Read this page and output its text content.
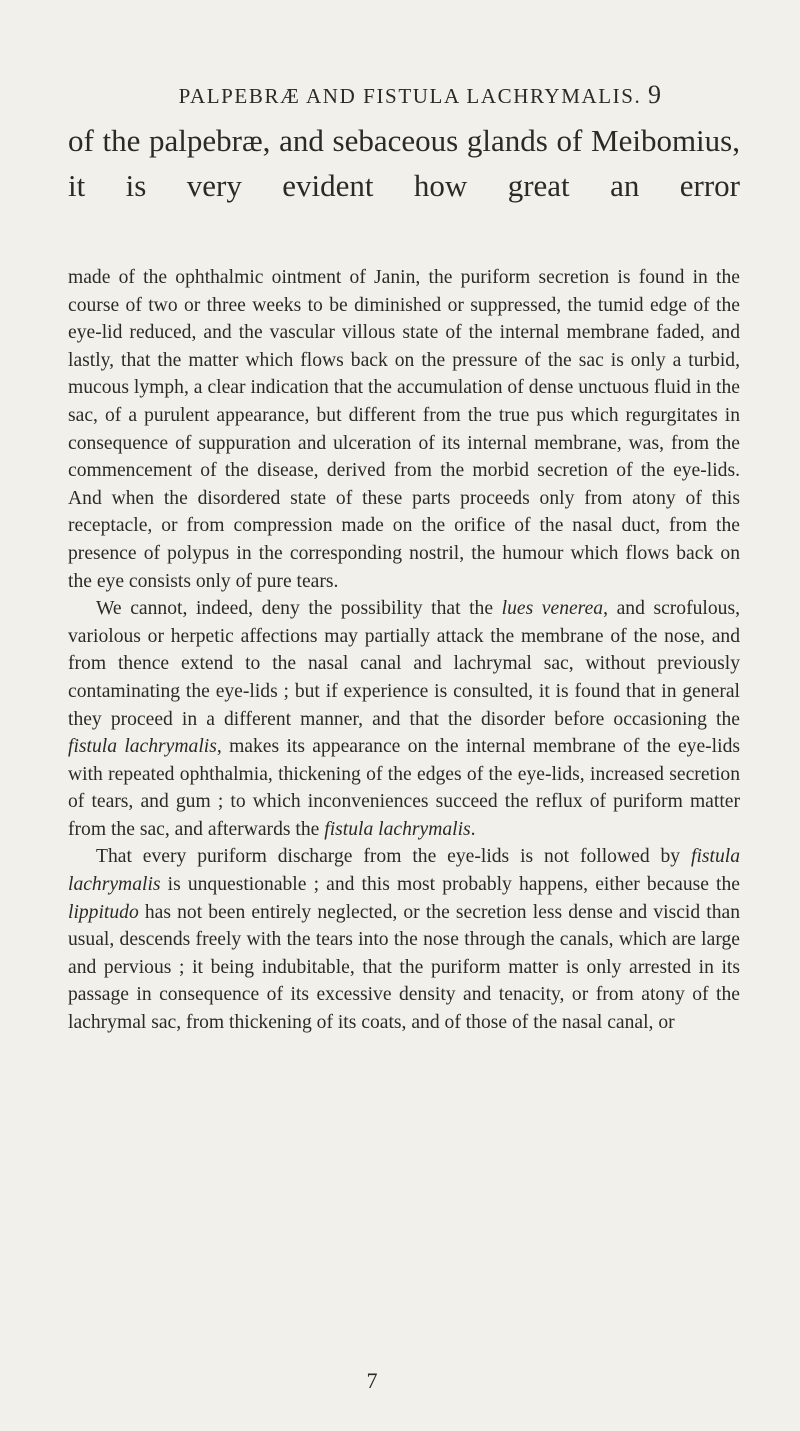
PALPEBRÆ AND FISTULA LACHRYMALIS. 9

of the palpebræ, and sebaceous glands of Meibomius, it is very evident how great an error

made of the ophthalmic ointment of Janin, the puriform secretion is found in the course of two or three weeks to be diminished or suppressed, the tumid edge of the eye-lid reduced, and the vascular villous state of the internal membrane faded, and lastly, that the matter which flows back on the pressure of the sac is only a turbid, mucous lymph, a clear indication that the accumulation of dense unctuous fluid in the sac, of a purulent appearance, but different from the true pus which regurgitates in consequence of suppuration and ulceration of its internal membrane, was, from the commencement of the disease, derived from the morbid secretion of the eye-lids. And when the disordered state of these parts proceeds only from atony of this receptacle, or from compression made on the orifice of the nasal duct, from the presence of polypus in the corresponding nostril, the humour which flows back on the eye consists only of pure tears.

We cannot, indeed, deny the possibility that the lues venerea, and scrofulous, variolous or herpetic affections may partially attack the membrane of the nose, and from thence extend to the nasal canal and lachrymal sac, without previously contaminating the eye-lids ; but if experience is consulted, it is found that in general they proceed in a different manner, and that the disorder before occasioning the fistula lachrymalis, makes its appearance on the internal membrane of the eye-lids with repeated ophthalmia, thickening of the edges of the eye-lids, increased secretion of tears, and gum ; to which inconveniences succeed the reflux of puriform matter from the sac, and afterwards the fistula lachrymalis.

That every puriform discharge from the eye-lids is not followed by fistula lachrymalis is unquestionable ; and this most probably happens, either because the lippitudo has not been entirely neglected, or the secretion less dense and viscid than usual, descends freely with the tears into the nose through the canals, which are large and pervious ; it being indubitable, that the puriform matter is only arrested in its passage in consequence of its excessive density and tenacity, or from atony of the lachrymal sac, from thickening of its coats, and of those of the nasal canal, or

7
